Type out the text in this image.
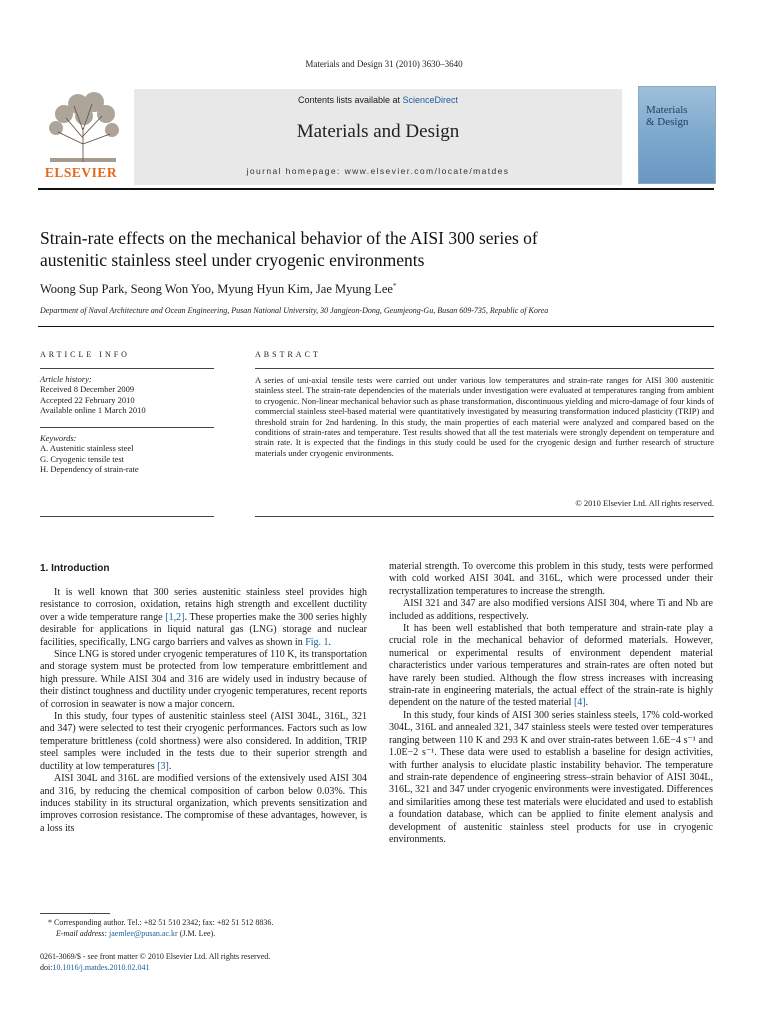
Materials and Design 31 (2010) 3630–3640
ELSEVIER
Contents lists available at ScienceDirect
Materials and Design
journal homepage: www.elsevier.com/locate/matdes
Materials
& Design
Strain-rate effects on the mechanical behavior of the AISI 300 series of
austenitic stainless steel under cryogenic environments
Woong Sup Park, Seong Won Yoo, Myung Hyun Kim, Jae Myung Lee*
Department of Naval Architecture and Ocean Engineering, Pusan National University, 30 Jangjeon-Dong, Geumjeong-Gu, Busan 609-735, Republic of Korea
ARTICLE INFO
Article history:
Received 8 December 2009
Accepted 22 February 2010
Available online 1 March 2010
Keywords:
A. Austenitic stainless steel
G. Cryogenic tensile test
H. Dependency of strain-rate
ABSTRACT
A series of uni-axial tensile tests were carried out under various low temperatures and strain-rate ranges for AISI 300 austenitic stainless steel. The strain-rate dependencies of the materials under investigation were evaluated at temperatures ranging from ambient to cryogenic. Non-linear mechanical behavior such as phase transformation, discontinuous yielding and micro-damage of four kinds of commercial stainless steel-based material were quantitatively investigated by measuring transformation induced plasticity (TRIP) and threshold strain for 2nd hardening. In this study, the main properties of each material were analyzed and compared based on the conditions of strain-rates and temperature. Test results showed that all the test materials were strongly dependent on temperature and strain rate. It is expected that the findings in this study could be used for the cryogenic design and further research of structure materials under cryogenic environments.
© 2010 Elsevier Ltd. All rights reserved.
1. Introduction

It is well known that 300 series austenitic stainless steel provides high resistance to corrosion, oxidation, retains high strength and excellent ductility over a wide temperature range [1,2]. These properties make the 300 series highly desirable for applications in liquid natural gas (LNG) storage and nuclear facilities, specifically, LNG cargo barriers and valves as shown in Fig. 1.

Since LNG is stored under cryogenic temperatures of 110 K, its transportation and storage system must be protected from low temperature embrittlement and high pressure. While AISI 304 and 316 are widely used in industry because of their distinct toughness and ductility under cryogenic temperatures, recent reports of corrosion in seawater is now a major concern.

In this study, four types of austenitic stainless steel (AISI 304L, 316L, 321 and 347) were selected to test their cryogenic performances. Factors such as low temperature brittleness (cold shortness) were also considered. In addition, TRIP steel samples were included in the tests due to their superior strength and ductility at low temperatures [3].

AISI 304L and 316L are modified versions of the extensively used AISI 304 and 316, by reducing the chemical composition of carbon below 0.03%. This induces stability in its structural organization, which prevents sensitization and improves corrosion resistance. The compromise of these advantages, however, is a loss its

material strength. To overcome this problem in this study, tests were performed with cold worked AISI 304L and 316L, which were processed under their recrystallization temperatures to increase the strength.

AISI 321 and 347 are also modified versions AISI 304, where Ti and Nb are included as additions, respectively.

It has been well established that both temperature and strain-rate play a crucial role in the mechanical behavior of deformed materials. However, numerical or experimental results of environment dependent material characteristics under various temperatures and strain-rates are often noted but have rarely been studied. Although the flow stress increases with increasing strain-rate in engineering materials, the actual effect of the strain-rate is highly dependent on the nature of the tested material [4].

In this study, four kinds of AISI 300 series stainless steels, 17% cold-worked 304L, 316L and annealed 321, 347 stainless steels were tested over temperatures ranging between 110 K and 293 K and over strain-rates between 1.6E−4 s⁻¹ and 1.0E−2 s⁻¹. These data were used to establish a baseline for design activities, with further analysis to elucidate plastic instability behavior. The temperature and strain-rate dependence of engineering stress–strain behavior of AISI 304L, 316L, 321 and 347 under cryogenic environments were investigated. Differences and similarities among these test materials were elucidated and used to establish a foundation database, which can be applied to finite element analysis and development of austenitic stainless steel products for use in cryogenic environments.

* Corresponding author. Tel.: +82 51 510 2342; fax: +82 51 512 8836.
E-mail address: jaemlee@pusan.ac.kr (J.M. Lee).
0261-3069/$ - see front matter © 2010 Elsevier Ltd. All rights reserved.
doi:10.1016/j.matdes.2010.02.041
